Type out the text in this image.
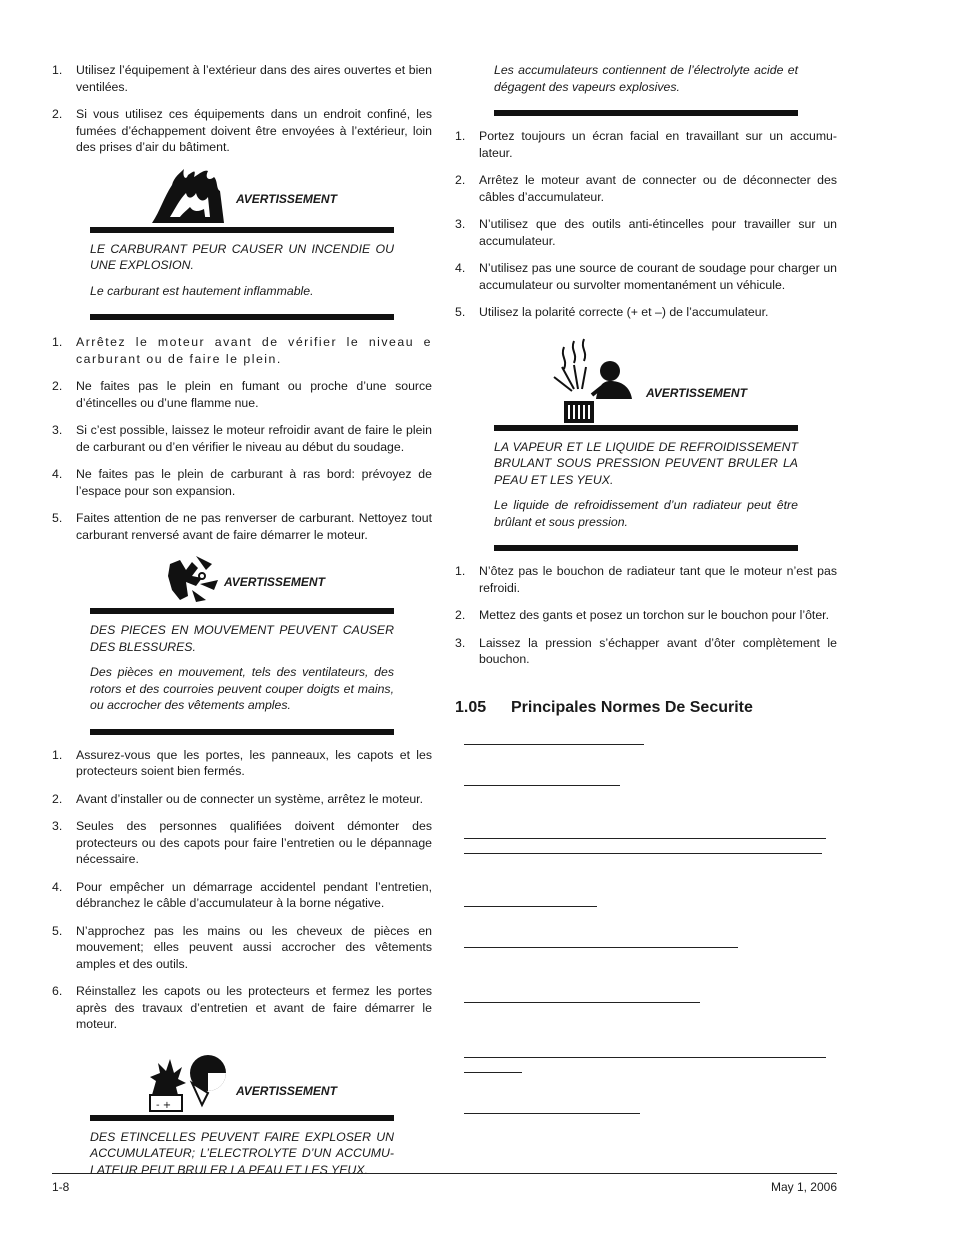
1. Utilisez l’équipement à l’extérieur dans des aires ouvertes et bien ventilées.
2. Si vous utilisez ces équipements dans un endroit confiné, les fumées d’échappement doivent être envoyées à l’extérieur, loin des prises d’air du bâtiment.
AVERTISSEMENT

LE CARBURANT PEUR CAUSER UN INCENDIE OU UNE EXPLOSION.

Le carburant est hautement inflammable.

1. Arrêtez le moteur avant de vérifier le niveau e carburant ou de faire le plein.
2. Ne faites pas le plein en fumant ou proche d’une source d’étincelles ou d’une flamme nue.
3. Si c’est possible, laissez le moteur refroidir avant de faire le plein de carburant ou d’en vérifier le niveau au début du soudage.
4. Ne faites pas le plein de carburant à ras bord: prévoyez de l’espace pour son expansion.
5. Faites attention de ne pas renverser de carburant. Nettoyez tout carburant renversé avant de faire démarrer le moteur.
AVERTISSEMENT

DES PIECES EN MOUVEMENT PEUVENT CAUSER DES BLESSURES.

Des pièces en mouvement, tels des ventilateurs, des rotors et des courroies peuvent couper doigts et mains, ou accrocher des vêtements amples.

1. Assurez-vous que les portes, les panneaux, les capots et les protecteurs soient bien fermés.
2. Avant d’installer ou de connecter un système, arrêtez le moteur.
3. Seules des personnes qualifiées doivent démonter des protecteurs ou des capots pour faire l’entretien ou le dépannage nécessaire.
4. Pour empêcher un démarrage accidentel pendant l’entretien, débranchez le câble d’accumulateur à la borne négative.
5. N’approchez pas les mains ou les cheveux de pièces en mouvement; elles peuvent aussi accrocher des vêtements amples et des outils.
6. Réinstallez les capots ou les protecteurs et fermez les portes après des travaux d’entretien et avant de faire démarrer le moteur.
- +
AVERTISSEMENT

DES ETINCELLES PEUVENT FAIRE EXPLOSER UN ACCUMULATEUR; L’ELECTROLYTE D’UN ACCUMU-LATEUR PEUT BRULER LA PEAU ET LES YEUX.

Les accumulateurs contiennent de l’électrolyte acide et dégagent des vapeurs explosives.

1. Portez toujours un écran facial en travaillant sur un accumu-lateur.
2. Arrêtez le moteur avant de connecter ou de déconnecter des câbles d’accumulateur.
3. N’utilisez que des outils anti-étincelles pour travailler sur un accumulateur.
4. N’utilisez pas une source de courant de soudage pour charger un accumulateur ou survolter momentanément un véhicule.
5. Utilisez la polarité correcte (+ et –) de l’accumulateur.
AVERTISSEMENT

LA VAPEUR ET LE LIQUIDE DE REFROIDISSEMENT BRULANT SOUS PRESSION PEUVENT BRULER LA PEAU ET LES YEUX.

Le liquide de refroidissement d’un radiateur peut être brûlant et sous pression.

1. N’ôtez pas le bouchon de radiateur tant que le moteur n’est pas refroidi.
2. Mettez des gants et posez un torchon sur le bouchon pour l’ôter.
3. Laissez la pression s’échapper avant d’ôter complètement le bouchon.
1.05 Principales Normes De Securite
1-8	May 1, 2006
